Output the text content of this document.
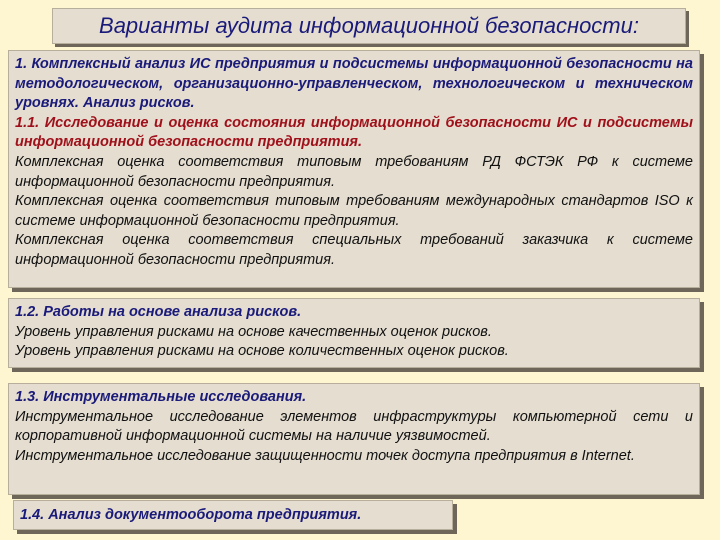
Варианты аудита информационной безопасности:
1. Комплексный анализ ИС предприятия и подсистемы информационной безопасности на методологическом, организационно-управленческом, технологическом и техническом уровнях. Анализ рисков.
1.1. Исследование и оценка состояния информационной безопасности ИС и подсистемы информационной безопасности предприятия.
Комплексная оценка соответствия типовым требованиям РД ФСТЭК РФ к системе информационной безопасности предприятия.
Комплексная оценка соответствия типовым требованиям международных стандартов ISO к системе информационной безопасности предприятия.
Комплексная оценка соответствия специальных требований заказчика к системе информационной безопасности предприятия.
1.2. Работы на основе анализа рисков.
Уровень управления рисками на основе качественных оценок рисков.
Уровень управления рисками на основе количественных оценок рисков.
1.3. Инструментальные исследования.
Инструментальное исследование элементов инфраструктуры компьютерной сети и корпоративной информационной системы на наличие уязвимостей.
Инструментальное исследование защищенности точек доступа предприятия в Internet.
1.4. Анализ документооборота предприятия.
